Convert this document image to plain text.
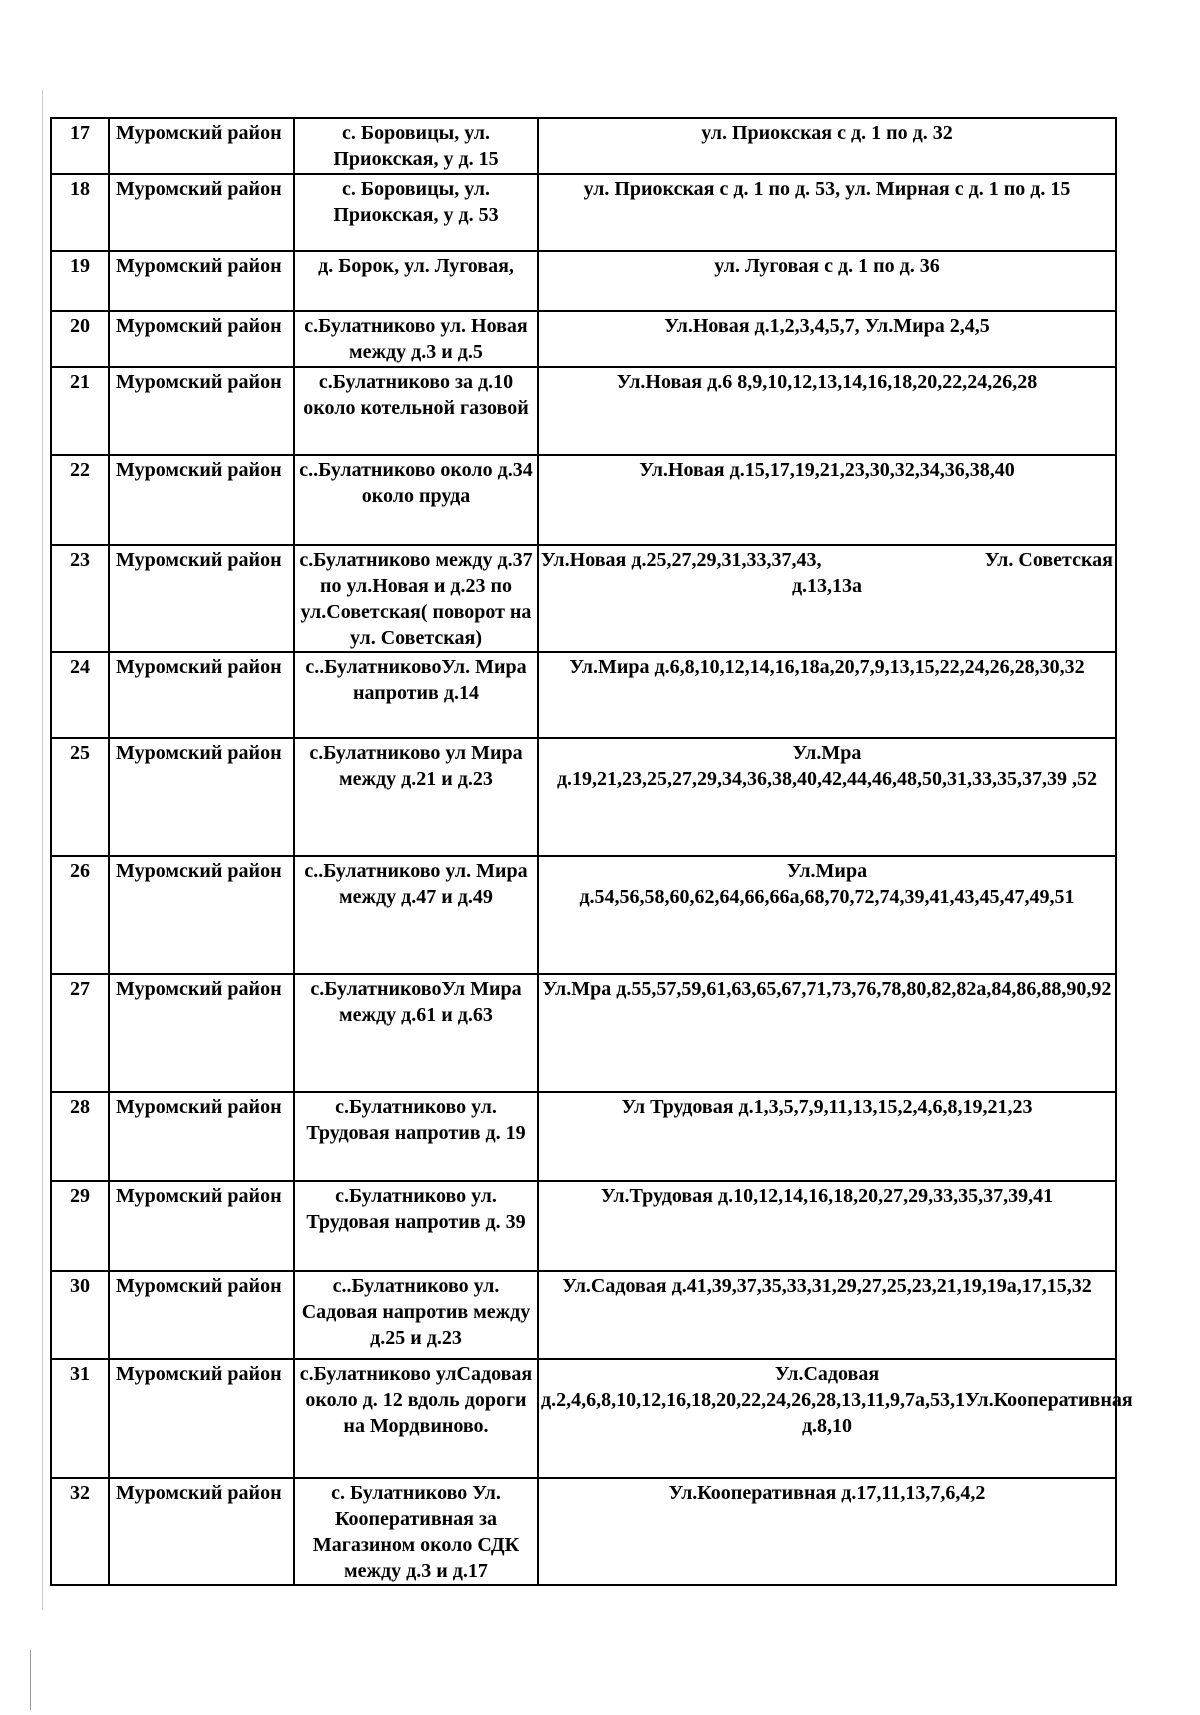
17	Муромский район	с. Боровицы, ул. Приокская, у д. 15	ул. Приокская с д. 1 по д. 32
18	Муромский район	с. Боровицы, ул. Приокская, у д. 53	ул. Приокская с д. 1 по д. 53, ул. Мирная с д. 1 по д. 15
19	Муромский район	д. Борок, ул. Луговая,	ул. Луговая с д. 1 по д. 36
20	Муромский район	с.Булатниково ул. Новая между д.3 и д.5	Ул.Новая д.1,2,3,4,5,7, Ул.Мира 2,4,5
21	Муромский район	с.Булатниково за д.10 около котельной газовой	Ул.Новая д.6 8,9,10,12,13,14,16,18,20,22,24,26,28
22	Муромский район	с..Булатниково около д.34 около пруда	Ул.Новая д.15,17,19,21,23,30,32,34,36,38,40
23	Муромский район	с.Булатниково между д.37 по ул.Новая и д.23 по ул.Советская( поворот на ул. Советская)	Ул.Новая д.25,27,29,31,33,37,43, Ул. Советская
д.13,13а

24	Муромский район	с..БулатниковоУл. Мира напротив д.14	Ул.Мира д.6,8,10,12,14,16,18а,20,7,9,13,15,22,24,26,28,30,32
25	Муромский район	с.Булатниково ул Мира между д.21 и д.23	Ул.Мра д.19,21,23,25,27,29,34,36,38,40,42,44,46,48,50,31,33,35,37,39 ,52
26	Муромский район	с..Булатниково ул. Мира между д.47 и д.49	Ул.Мира д.54,56,58,60,62,64,66,66а,68,70,72,74,39,41,43,45,47,49,51
27	Муромский район	с.БулатниковоУл Мира между д.61 и д.63	Ул.Мра д.55,57,59,61,63,65,67,71,73,76,78,80,82,82а,84,86,88,90,92
28	Муромский район	с.Булатниково ул. Трудовая напротив д. 19	Ул Трудовая д.1,3,5,7,9,11,13,15,2,4,6,8,19,21,23
29	Муромский район	с.Булатниково ул. Трудовая напротив д. 39	Ул.Трудовая д.10,12,14,16,18,20,27,29,33,35,37,39,41
30	Муромский район	с..Булатниково ул. Садовая напротив между д.25 и д.23	Ул.Садовая д.41,39,37,35,33,31,29,27,25,23,21,19,19а,17,15,32
31	Муромский район	с.Булатниково улСадовая около д. 12 вдоль дороги на Мордвиново.	Ул.Садовая д.2,4,6,8,10,12,16,18,20,22,24,26,28,13,11,9,7а,53,1Ул.Кооперативная д.8,10
32	Муромский район	с. Булатниково Ул. Кооперативная за Магазином около СДК между д.3 и д.17	Ул.Кооперативная д.17,11,13,7,6,4,2
